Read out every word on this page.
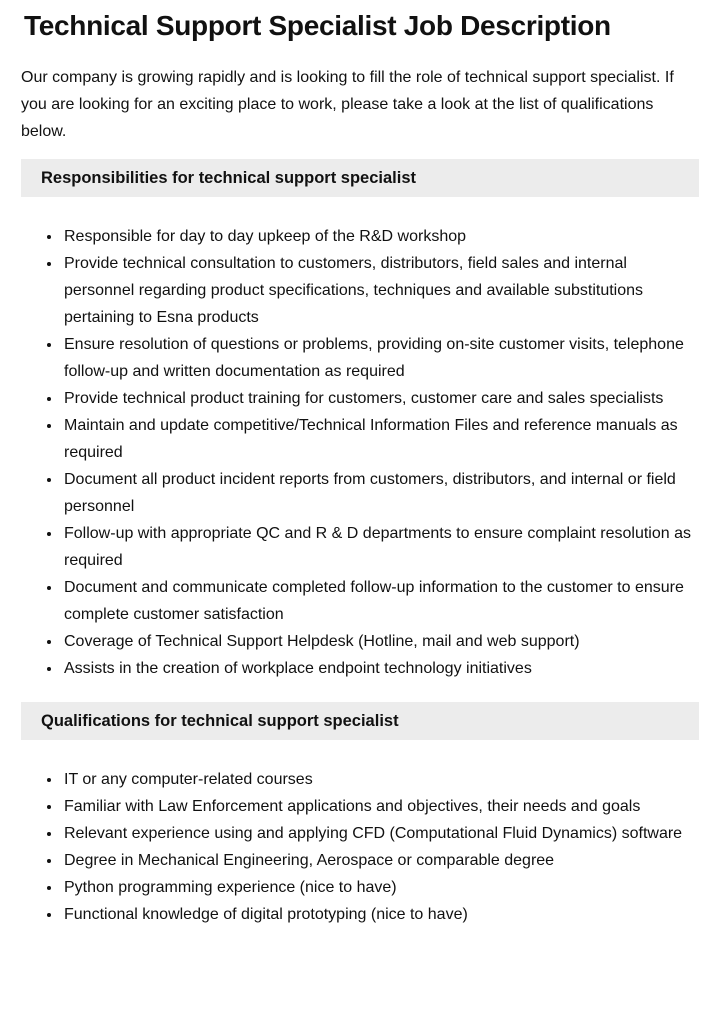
Technical Support Specialist Job Description

Our company is growing rapidly and is looking to fill the role of technical support specialist. If you are looking for an exciting place to work, please take a look at the list of qualifications below.

Responsibilities for technical support specialist
• Responsible for day to day upkeep of the R&D workshop
• Provide technical consultation to customers, distributors, field sales and internal personnel regarding product specifications, techniques and available substitutions pertaining to Esna products
• Ensure resolution of questions or problems, providing on-site customer visits, telephone follow-up and written documentation as required
• Provide technical product training for customers, customer care and sales specialists
• Maintain and update competitive/Technical Information Files and reference manuals as required
• Document all product incident reports from customers, distributors, and internal or field personnel
• Follow-up with appropriate QC and R & D departments to ensure complaint resolution as required
• Document and communicate completed follow-up information to the customer to ensure complete customer satisfaction
• Coverage of Technical Support Helpdesk (Hotline, mail and web support)
• Assists in the creation of workplace endpoint technology initiatives
Qualifications for technical support specialist
• IT or any computer-related courses
• Familiar with Law Enforcement applications and objectives, their needs and goals
• Relevant experience using and applying CFD (Computational Fluid Dynamics) software
• Degree in Mechanical Engineering, Aerospace or comparable degree
• Python programming experience (nice to have)
• Functional knowledge of digital prototyping (nice to have)
